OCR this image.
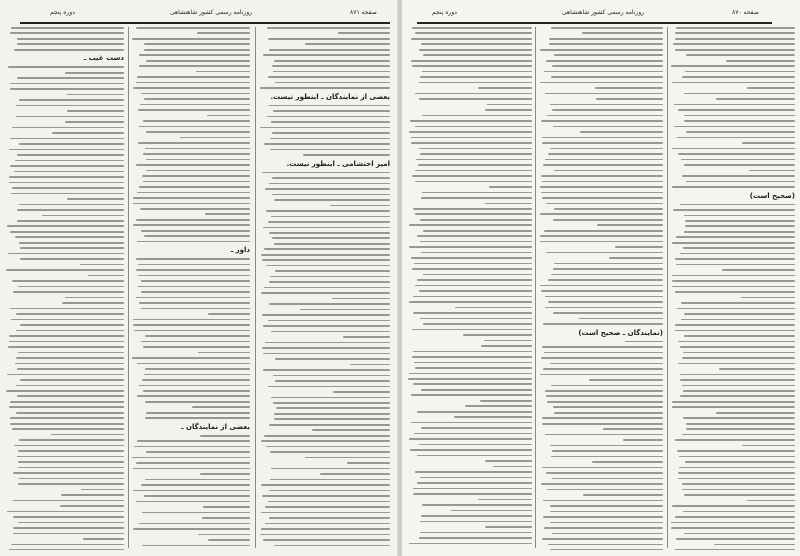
دوره پنجم	روزنامه رسمی کشور شاهنشاهی	صفحه ۸۷۱
دست غیب ـ
داور ـ
بعضی از نمایندگان ـ
بعضی از نمایندگان ـ اینطور نیست.
امیر احتشامی ـ اینطور نیست.
دوره پنجم	روزنامه رسمی کشور شاهنشاهی	صفحه ۸۷۰
(نمایندگان ـ صحیح است)
(صحیح است)
